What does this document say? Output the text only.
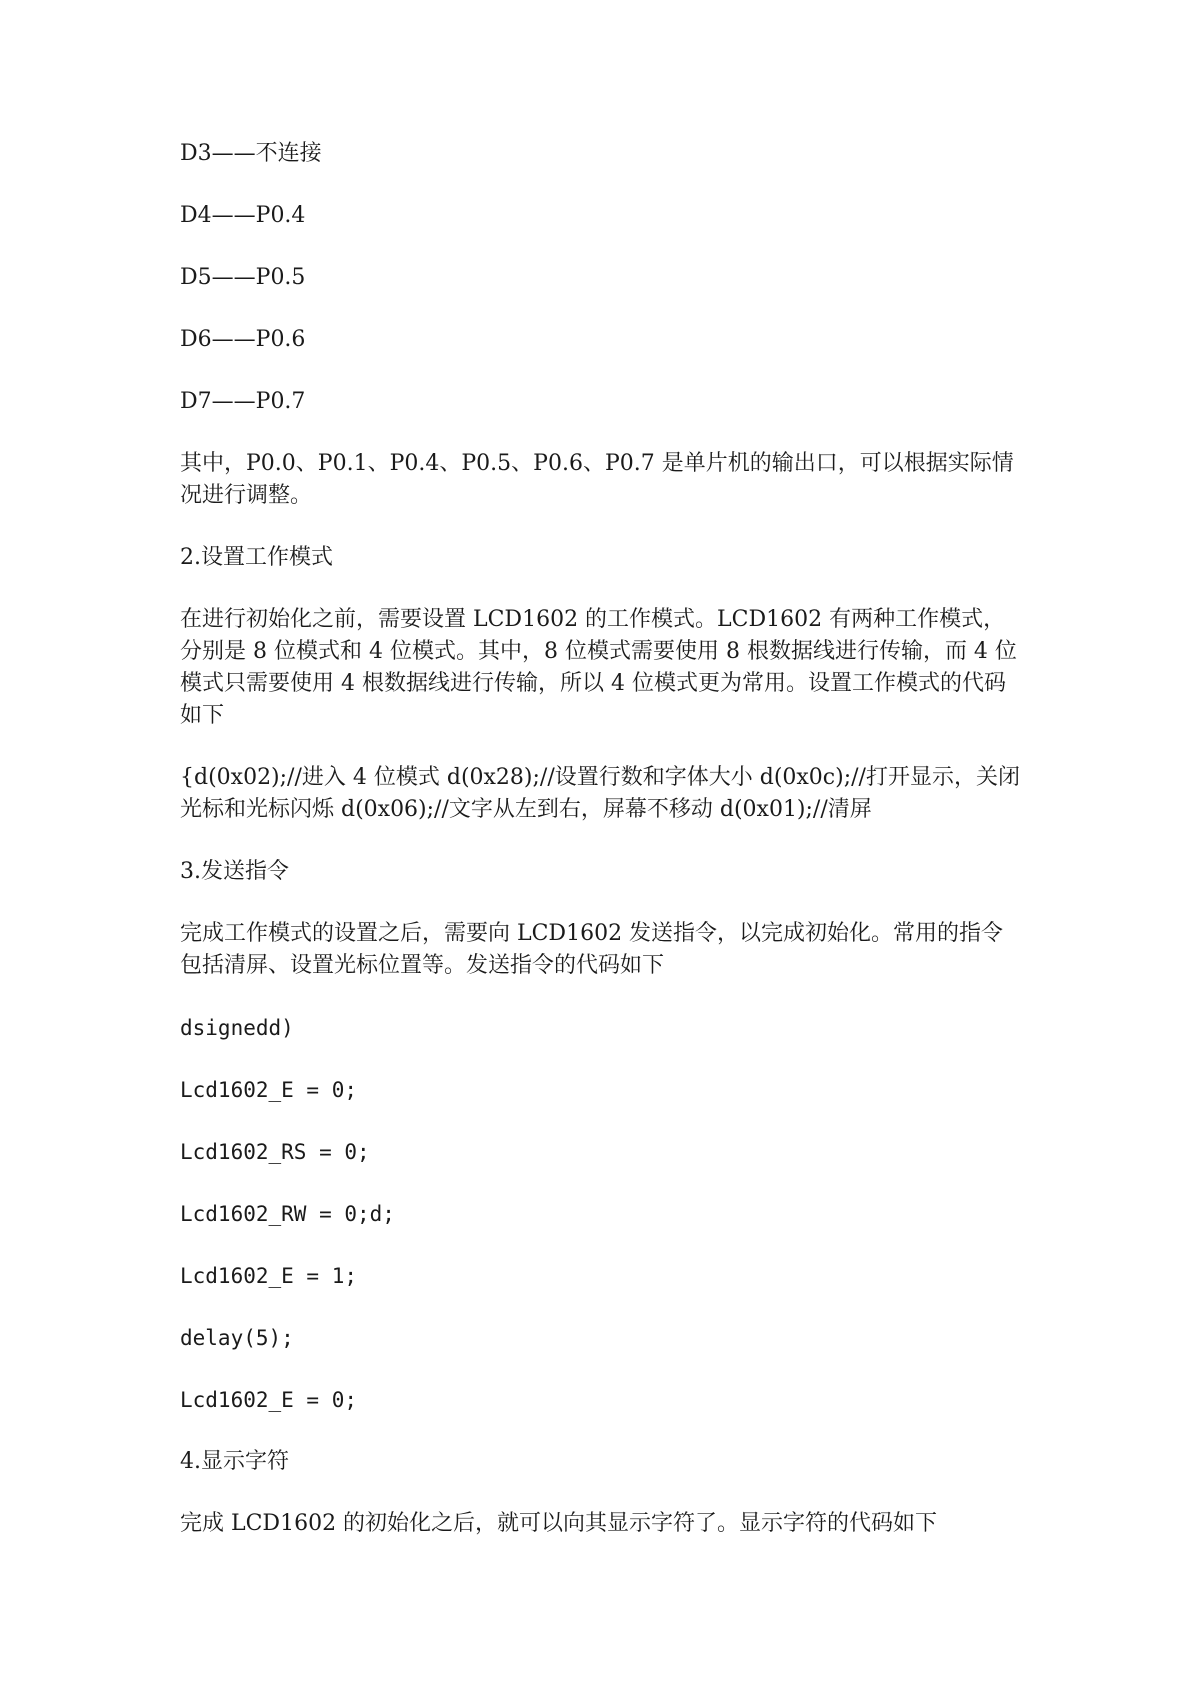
D3——不连接

D4——P0.4

D5——P0.5

D6——P0.6

D7——P0.7

其中，P0.0、P0.1、P0.4、P0.5、P0.6、P0.7 是单片机的输出口，可以根据实际情况进行调整。

2.设置工作模式

在进行初始化之前，需要设置 LCD1602 的工作模式。LCD1602 有两种工作模式，分别是 8 位模式和 4 位模式。其中，8 位模式需要使用 8 根数据线进行传输，而 4 位模式只需要使用 4 根数据线进行传输，所以 4 位模式更为常用。设置工作模式的代码如下

{d(0x02);//进入 4 位模式 d(0x28);//设置行数和字体大小 d(0x0c);//打开显示，关闭光标和光标闪烁 d(0x06);//文字从左到右，屏幕不移动 d(0x01);//清屏

3.发送指令

完成工作模式的设置之后，需要向 LCD1602 发送指令，以完成初始化。常用的指令包括清屏、设置光标位置等。发送指令的代码如下

dsignedd)

Lcd1602_E = 0;

Lcd1602_RS = 0;

Lcd1602_RW = 0;d;

Lcd1602_E = 1;

delay(5);

Lcd1602_E = 0;

4.显示字符

完成 LCD1602 的初始化之后，就可以向其显示字符了。显示字符的代码如下
